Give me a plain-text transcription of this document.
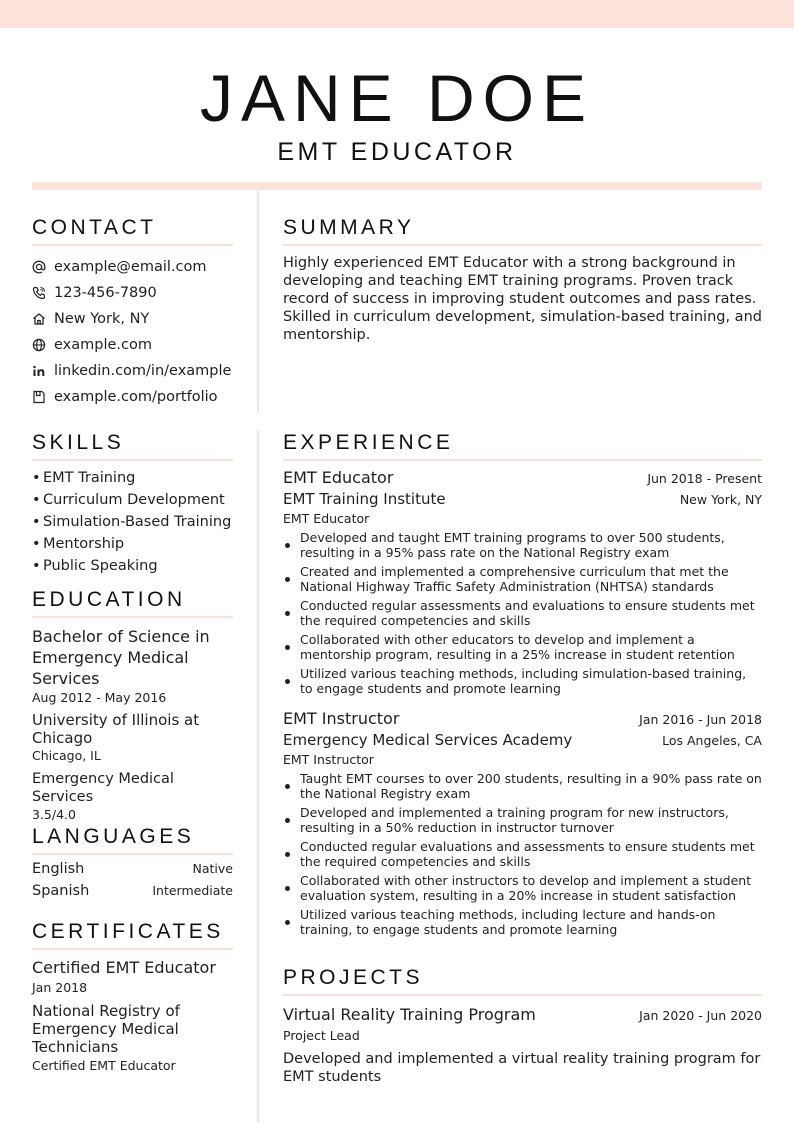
JANE DOE
EMT EDUCATOR
CONTACT
example@email.com
123-456-7890
New York, NY
example.com
linkedin.com/in/example
example.com/portfolio
SUMMARY
Highly experienced EMT Educator with a strong background in developing and teaching EMT training programs. Proven track record of success in improving student outcomes and pass rates. Skilled in curriculum development, simulation-based training, and mentorship.
SKILLS
• EMT Training
• Curriculum Development
• Simulation-Based Training
• Mentorship
• Public Speaking
EDUCATION
Bachelor of Science in Emergency Medical Services
Aug 2012 - May 2016
University of Illinois at Chicago
Chicago, IL
Emergency Medical Services
3.5/4.0
LANGUAGES
English	Native
Spanish	Intermediate
CERTIFICATES
Certified EMT Educator
Jan 2018
National Registry of Emergency Medical Technicians
Certified EMT Educator
EXPERIENCE
EMT Educator	Jun 2018 - Present
EMT Training Institute	New York, NY
EMT Educator
Developed and taught EMT training programs to over 500 students, resulting in a 95% pass rate on the National Registry exam
Created and implemented a comprehensive curriculum that met the National Highway Traffic Safety Administration (NHTSA) standards
Conducted regular assessments and evaluations to ensure students met the required competencies and skills
Collaborated with other educators to develop and implement a mentorship program, resulting in a 25% increase in student retention
Utilized various teaching methods, including simulation-based training, to engage students and promote learning
EMT Instructor	Jan 2016 - Jun 2018
Emergency Medical Services Academy	Los Angeles, CA
EMT Instructor
Taught EMT courses to over 200 students, resulting in a 90% pass rate on the National Registry exam
Developed and implemented a training program for new instructors, resulting in a 50% reduction in instructor turnover
Conducted regular evaluations and assessments to ensure students met the required competencies and skills
Collaborated with other instructors to develop and implement a student evaluation system, resulting in a 20% increase in student satisfaction
Utilized various teaching methods, including lecture and hands-on training, to engage students and promote learning
PROJECTS
Virtual Reality Training Program	Jan 2020 - Jun 2020
Project Lead
Developed and implemented a virtual reality training program for EMT students
